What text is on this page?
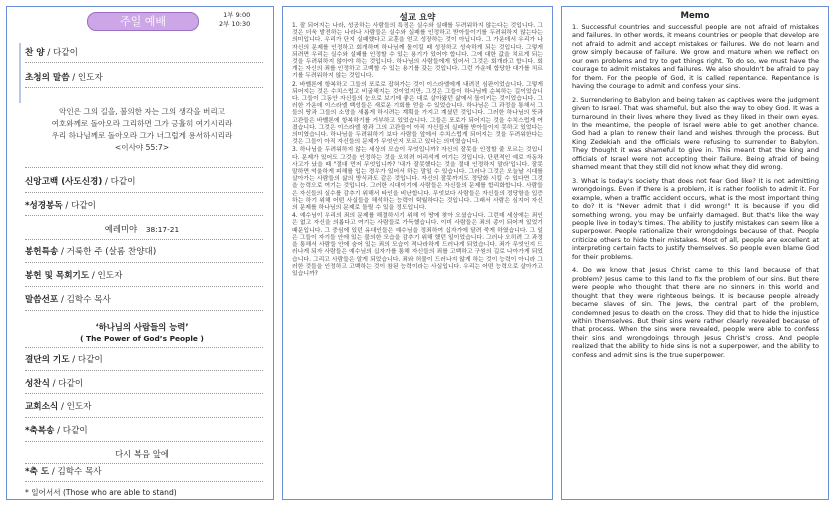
주일 예배	1부 9:00
2부 10:30
찬 양 / 다같이
초청의 말씀 / 인도자
악인은 그의 길을, 불의한 자는 그의 생각을 버리고
여호와께로 돌아오라 그리하면 그가 긍휼히 여기시리라
우리 하나님께로 돌아오라 그가 너그럽게 용서하시리라
<이사야 55:7>
신앙고백 (사도신경) / 다같이
*성경봉독 / 다같이
예레미야 38:17-21
봉헌특송 / 거룩한 주 (살롬 찬양대)
봉헌 및 목회기도 / 인도자
말씀선포 / 김학수 목사
‘하나님의 사람들의 능력’
( The Power of God’s People )
결단의 기도 / 다같이
성찬식 / 다같이
교회소식 / 인도자
*축복송 / 다같이
다시 복음 앞에
*축 도 / 김학수 목사
* 일어서서 (Those who are able to stand)
설교 요약

1. 잘 되어지는 나라, 성공하는 사람들의 특징은 실수와 실패를 두려워하지 않는다는 것입니다. 그것은 더욱 발전하는 나라나 사람들은 실수와 실패를 인정하고 받아들이기를 두려워하지 않는다는 의미입니다. 우리가 단지 실패했다고 교훈을 얻고 성장하는 것이 아닙니다. 그 가운데서 우리가 나 자신의 문제를 인정하고 회개하며 하나님께 돌이킬 때 성장하고 성숙하게 되는 것입니다. 그렇게 되려면 우리는 실수와 실패를 인정할 수 있는 용기가 있어야 합니다. 그에 대한 값을 치르게 되는 것을 두려워하지 않아야 하는 것입니다. 하나님의 사람들에게 있어서 그것은 회개라고 합니다. 회개는 자신의 죄를 인정하고 고백할 수 있는 용기를 갖는 것입니다. 그런 가운데 합당한 대가를 치르기를 두려워하지 않는 것입니다.

2. 바벨론에 항복하고 그들의 포로로 잡혀가는 것이 이스라엘에게 내려진 심판이었습니다. 그렇게 되어지는 것은 수치스럽고 비굴해지는 것이었지만, 그것은 그들이 하나님께 순복하는 길이었습니다. 그들이 그동안 자신들의 눈으로 보기에 좋은 대로 살아왔던 삶에서 돌이키는 것이었습니다. 그러한 가운데 이스라엘 백성들은 새로운 기회를 얻을 수 있었습니다. 하나님은 그 과정을 통해서 그들의 땅과 그들의 소망을 새롭게 하시려는 계획을 가지고 계셨던 것입니다. 그러한 하나님의 뜻과 고관들은 바벨론에 항복하기를 거부하고 있었습니다. 그들은 포로가 되어지는 것을 수치스럽게 여겼습니다. 그것은 이스라엘 왕과 그의 고관들이 아직 자신들의 실패를 받아들이지 못하고 있었다는 의미였습니다. 하나님을 두려워하기 보다 사람들 앞에서 수치스럽게 되어지는 것을 두려워한다는 것은 그들이 아직 자신들의 문제가 무엇인지 모르고 있다는 의미였습니다.

3. 하나님을 두려워하지 않는 세상의 모습이 무엇입니까? 자신의 잘못을 인정할 줄 모르는 것입니다. 문제가 있어도 그것을 인정하는 것을 오히려 어리석게 여기는 것입니다. 단편적인 예로 자동차 사고가 났을 때 "절대 먼저 무엇입니까? '내가 잘못했다는 것을 절대 인정하지 말라'입니다. 잘못 말하면 억울하게 피해를 입는 경우가 있어서 하는 말일 수 있습니다. 그러나 그것은 오늘날 시대를 살아가는 사람들의 삶의 방식과도 같은 것입니다. 자신의 잘못까지도 정당화 시킬 수 있다면 그것을 능력으로 여기는 것입니다. 그러한 시대이기에 사람들은 자신들의 문제를 합리화합니다. 사람들은 자신들의 실수를 감추기 위해서 타인을 비난합니다. 무엇보다 사람들은 자신들의 정당함을 입증하는 하기 위해 어떤 사실들을 해석하는 능력이 탁월하다는 것입니다. 그래서 사람은 심지어 자신의 문제를 하나님의 문제로 돌릴 수 있을 정도입니다.

4. 예수님이 우리의 죄의 문제를 해결하시기 위해 이 땅에 찾아 오셨습니다. 그런데 세상에는 죄인은 없고 자신을 의롭다고 여기는 사람들로 가득했습니다. 이미 사람들은 죄의 종이 되어져 있었기 때문입니다. 그 중심에 있던 유대인들은 예수님을 정죄하여 십자가에 달려 죽게 하였습니다. 그 일은 그들이 자기들 안에 있는 불의한 모습을 감추기 위해 했던 일이었습니다. 그러나 오히려 그 과정을 통해서 사람들 안에 숨어 있는 죄의 모습이 적나라하게 드러나게 되었습니다. 죄가 무엇인지 드러나게 되자 사람들은 예수님의 십자가를 통해 자신들의 죄를 고백하고 구원의 길로 나아가게 되었습니다. 그리고 사람들은 알게 되었습니다. 죄와 허물이 드러나지 않게 하는 것이 능력이 아니라 그러한 것들을 인정하고 고백하는 것이 참된 능력이라는 사실입니다. 우리는 어떤 능력으로 살아가고 있습니까?

Memo

1. Successful countries and successful people are not afraid of mistakes and failures. In other words, it means countries or people that develop are not afraid to admit and accept mistakes or failures. We do not learn and grow simply because of failure. We grow and mature when we reflect on our own problems and try to get things right. To do so, we must have the courage to admit mistakes and failures. We also shouldn't be afraid to pay for them. For the people of God, it is called repentance. Repentance is having the courage to admit and confess your sins.

2. Surrendering to Babylon and being taken as captives were the judgment given to Israel. That was shameful, but also the way to obey God. It was a turnaround in their lives where they lived as they liked in their own eyes. In the meantime, the people of Israel were able to get another chance. God had a plan to renew their land and wishes through the process. But King Zedekiah and the officials were refusing to surrender to Babylon. They thought it was shameful to give in. This meant that the king and officials of Israel were not accepting their failure. Being afraid of being shamed meant that they still did not know what they did wrong.

3. What is today's society that does not fear God like? It is not admitting wrongdoings. Even if there is a problem, it is rather foolish to admit it. For example, when a traffic accident occurs, what is the most important thing to do? It is "Never admit that I did wrong!" It is because if you did something wrong, you may be unfairly damaged. But that's like the way people live in today's times. The ability to justify mistakes can seem like a superpower. People rationalize their wrongdoings because of that. People criticize others to hide their mistakes. Most of all, people are excellent at interpreting certain facts to justify themselves. So people even blame God for their problems.

4. Do we know that Jesus Christ came to this land because of that problem? Jesus came to this land to fix the problem of our sins. But there were people who thought that there are no sinners in this world and thought that they were righteous beings. It is because people already became slaves of sin. The Jews, the central part of the problem, condemned Jesus to death on the cross. They did that to hide the injustice within themselves. But their sins were rather clearly revealed because of that process. When the sins were revealed, people were able to confess their sins and wrongdoings through Jesus Christ's cross. And people realized that the ability to hide sins is not a superpower, and the ability to confess and admit sins is the true superpower.
